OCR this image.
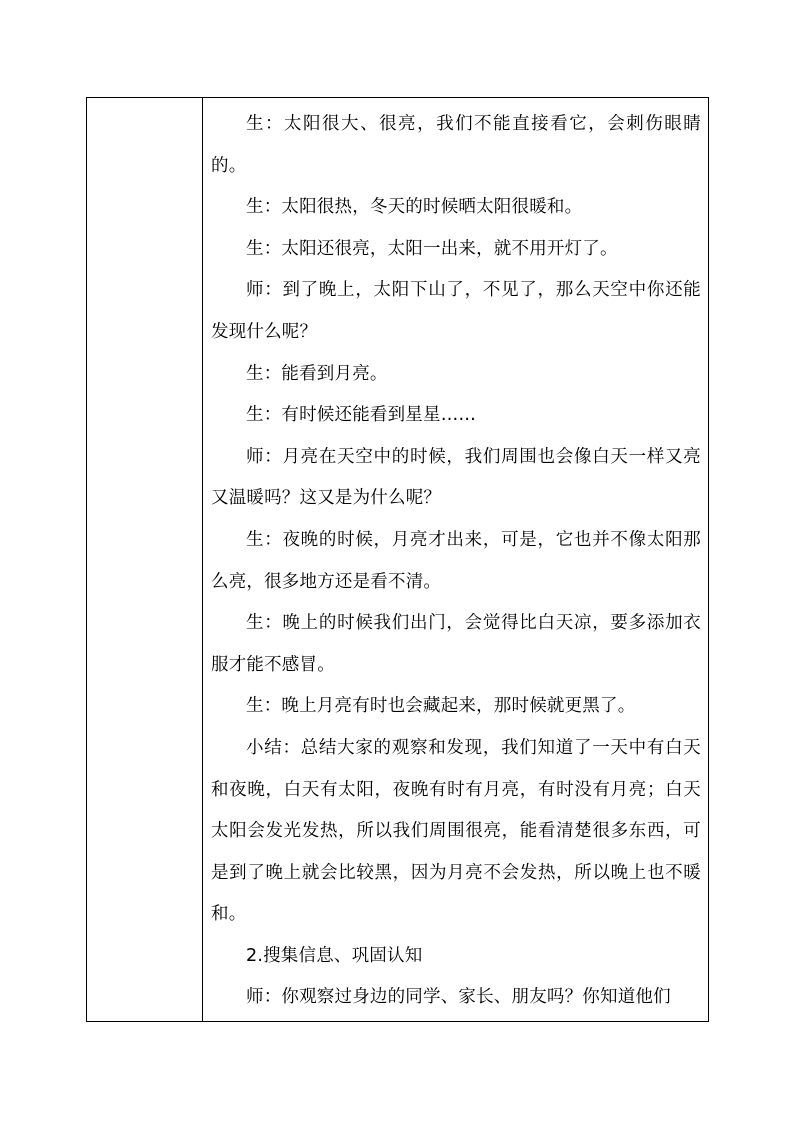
生：太阳很大、很亮，我们不能直接看它，会刺伤眼睛的。

生：太阳很热，冬天的时候晒太阳很暖和。

生：太阳还很亮，太阳一出来，就不用开灯了。

师：到了晚上，太阳下山了，不见了，那么天空中你还能发现什么呢？

生：能看到月亮。

生：有时候还能看到星星……

师：月亮在天空中的时候，我们周围也会像白天一样又亮又温暖吗？这又是为什么呢？

生：夜晚的时候，月亮才出来，可是，它也并不像太阳那么亮，很多地方还是看不清。

生：晚上的时候我们出门，会觉得比白天凉，要多添加衣服才能不感冒。

生：晚上月亮有时也会藏起来，那时候就更黑了。

小结：总结大家的观察和发现，我们知道了一天中有白天和夜晚，白天有太阳，夜晚有时有月亮，有时没有月亮；白天太阳会发光发热，所以我们周围很亮，能看清楚很多东西，可是到了晚上就会比较黑，因为月亮不会发热，所以晚上也不暖和。

2.搜集信息、巩固认知

师：你观察过身边的同学、家长、朋友吗？你知道他们
